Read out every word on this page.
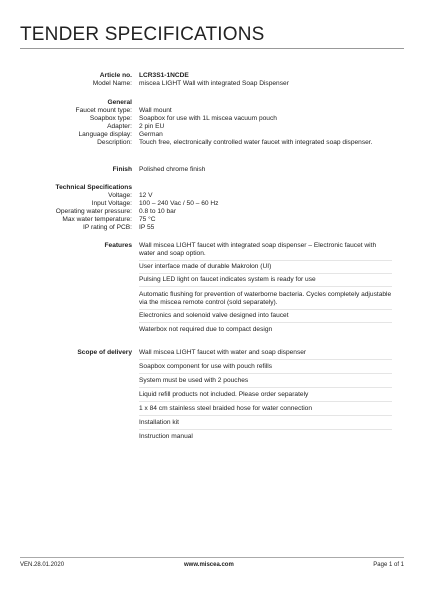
TENDER SPECIFICATIONS
Article no. LCR3S1-1NCDE
Model Name: miscea LIGHT Wall with integrated Soap Dispenser
General
Faucet mount type: Wall mount
Soapbox type: Soapbox for use with 1L miscea vacuum pouch
Adapter: 2 pin EU
Language display: German
Description: Touch free, electronically controlled water faucet with integrated soap dispenser.
Finish Polished chrome finish
Technical Specifications
Voltage: 12 V
Input Voltage: 100 – 240 Vac / 50 – 60 Hz
Operating water pressure: 0.8 to 10 bar
Max water temperature: 75 °C
IP rating of PCB: IP 55
Features Wall miscea LIGHT faucet with integrated soap dispenser – Electronic faucet with water and soap option.
User interface made of durable Makrolon (UI)
Pulsing LED light on faucet indicates system is ready for use
Automatic flushing for prevention of waterborne bacteria. Cycles completely adjustable via the miscea remote control (sold separately).
Electronics and solenoid valve designed into faucet
Waterbox not required due to compact design
Scope of delivery Wall miscea LIGHT faucet with water and soap dispenser
Soapbox component for use with pouch refills
System must be used with 2 pouches
Liquid refill products not included. Please order separately
1 x 84 cm stainless steel braided hose for water connection
Installation kit
Instruction manual
VEN.28.01.2020	www.miscea.com	Page 1 of 1
